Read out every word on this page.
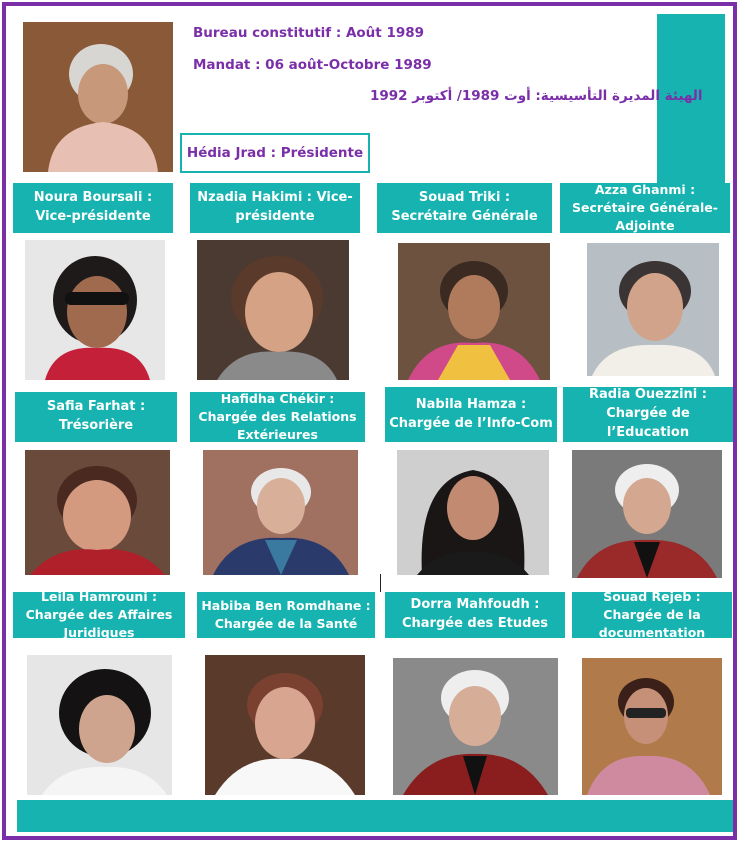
Bureau constitutif : Août 1989
Mandat : 06 août-Octobre 1989
الهيئة المديرة التأسيسية: أوت 1989/ أكتوبر 1992
Hédia Jrad : Présidente
Noura Boursali : Vice-présidente
Nzadia Hakimi : Vice-présidente
Souad Triki : Secrétaire Générale
Azza Ghanmi : Secrétaire Générale-Adjointe
Safia Farhat : Trésorière
Hafidha Chékir : Chargée des Relations Extérieures
Nabila Hamza : Chargée de l’Info-Com
Radia Ouezzini : Chargée de l’Education
Leila Hamrouni : Chargée des Affaires Juridiques
Habiba Ben Romdhane : Chargée de la Santé
Dorra Mahfoudh : Chargée des Etudes
Souad Rejeb : Chargée de la documentation
